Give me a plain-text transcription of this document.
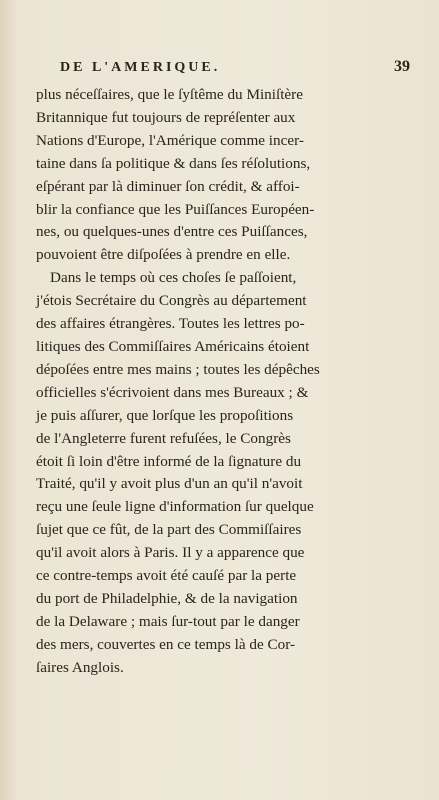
DE L'AMERIQUE.	39
plus néceſſaires, que le ſyſtême du Miniſtère
Britannique fut toujours de repréſenter aux
Nations d'Europe, l'Amérique comme incer-
taine dans ſa politique & dans ſes réſolutions,
eſpérant par là diminuer ſon crédit, & affoi-
blir la confiance que les Puiſſances Européen-
nes, ou quelques-unes d'entre ces Puiſſances,
pouvoient être diſpoſées à prendre en elle.
Dans le temps où ces choſes ſe paſſoient,
j'étois Secrétaire du Congrès au département
des affaires étrangères. Toutes les lettres po-
litiques des Commiſſaires Américains étoient
dépoſées entre mes mains ; toutes les dépêches
officielles s'écrivoient dans mes Bureaux ; &
je puis aſſurer, que lorſque les propoſitions
de l'Angleterre furent refuſées, le Congrès
étoit ſi loin d'être informé de la ſignature du
Traité, qu'il y avoit plus d'un an qu'il n'avoit
reçu une ſeule ligne d'information ſur quelque
ſujet que ce fût, de la part des Commiſſaires
qu'il avoit alors à Paris. Il y a apparence que
ce contre-temps avoit été cauſé par la perte
du port de Philadelphie, & de la navigation
de la Delaware ; mais ſur-tout par le danger
des mers, couvertes en ce temps là de Cor-
ſaires Anglois.
